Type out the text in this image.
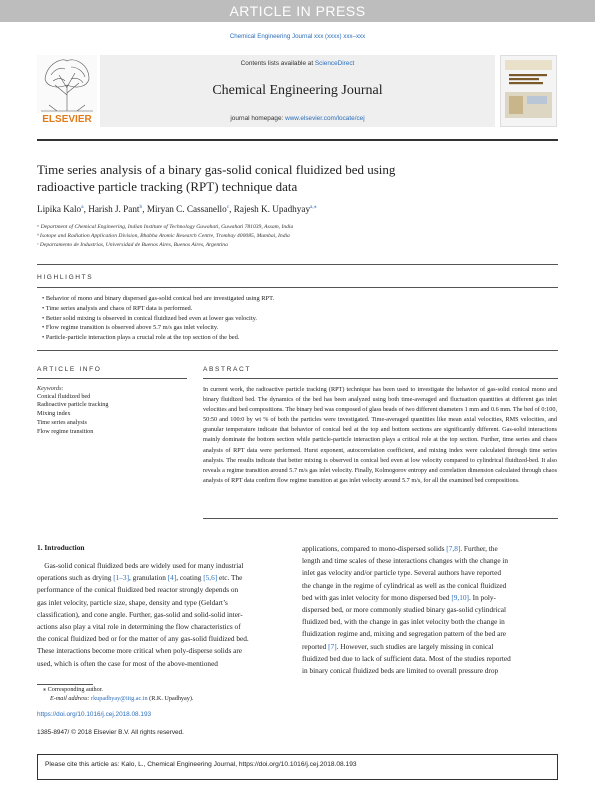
ARTICLE IN PRESS
Chemical Engineering Journal xxx (xxxx) xxx–xxx
ELSEVIER
Contents lists available at ScienceDirect
Chemical Engineering Journal
journal homepage: www.elsevier.com/locate/cej
Time series analysis of a binary gas-solid conical fluidized bed using
radioactive particle tracking (RPT) technique data
Lipika Kalo$^a$, Harish J. Pant$^b$, Miryan C. Cassanello$^c$, Rajesh K. Upadhyay$^{a,⁎}$
ᵃ Department of Chemical Engineering, Indian Institute of Technology Guwahati, Guwahati 781039, Assam, India
ᵇ Isotope and Radiation Application Division, Bhabha Atomic Research Centre, Trombay 400085, Mumbai, India
ᶜ Departamento de Industrias, Universidad de Buenos Aires, Buenos Aires, Argentina
HIGHLIGHTS
• Behavior of mono and binary dispersed gas-solid conical bed are investigated using RPT.
• Time series analysis and chaos of RPT data is performed.
• Better solid mixing is observed in conical fluidized bed even at lower gas velocity.
• Flow regime transition is observed above 5.7 m/s gas inlet velocity.
• Particle-particle interaction plays a crucial role at the top section of the bed.
ARTICLE INFO	ABSTRACT
Keywords:
Conical fluidized bed
Radioactive particle tracking
Mixing index
Time series analysis
Flow regime transition
In current work, the radioactive particle tracking (RPT) technique has been used to investigate the behavior of gas-solid conical mono and binary fluidized bed. The dynamics of the bed has been analyzed using both time-averaged and fluctuation quantities at different gas inlet velocities and bed compositions. The binary bed was composed of glass beads of two different diameters 1 mm and 0.6 mm. The bed of 0:100, 50:50 and 100:0 by wt % of both the particles were investigated. Time-averaged quantities like mean axial velocities, RMS velocities, and granular temperature indicate that behavior of conical bed at the top and bottom sections are significantly different. Gas-solid interactions mainly dominate the bottom section while particle-particle interaction plays a critical role at the top section. Further, time series and chaos analysis of RPT data were performed. Hurst exponent, autocorrelation coefficient, and mixing index were calculated through time series analysis. The results indicate that better mixing is observed in conical bed even at low velocity compared to cylindrical fluidized-bed. It also reveals a regime transition around 5.7 m/s gas inlet velocity. Finally, Kolmogorov entropy and correlation dimension calculated through chaos analysis of RPT data confirm flow regime transition at gas inlet velocity around 5.7 m/s, for all the examined bed compositions.
1. Introduction
Gas-solid conical fluidized beds are widely used for many industrial
operations such as drying [1–3], granulation [4], coating [5,6] etc. The
performance of the conical fluidized bed reactor strongly depends on
gas inlet velocity, particle size, shape, density and type (Geldart’s
classification), and cone angle. Further, gas-solid and solid-solid inter-
actions also play a vital role in determining the flow characteristics of
the conical fluidized bed or for the matter of any gas-solid fluidized bed.
These interactions become more critical when poly-disperse solids are
used, which is often the case for most of the above-mentioned
applications, compared to mono-dispersed solids [7,8]. Further, the
length and time scales of these interactions changes with the change in
inlet gas velocity and/or particle type. Several authors have reported
the change in the regime of cylindrical as well as the conical fluidized
bed with gas inlet velocity for mono dispersed bed [9,10]. In poly-
dispersed bed, or more commonly studied binary gas-solid cylindrical
fluidized bed, with the change in gas inlet velocity both the change in
fluidization regime and, mixing and segregation pattern of the bed are
reported [7]. However, such studies are largely missing in conical
fluidized bed due to lack of sufficient data. Most of the studies reported
in binary conical fluidized beds are limited to overall pressure drop
⁎ Corresponding author.
E-mail address: rkupadhyay@iitg.ac.in (R.K. Upadhyay).
https://doi.org/10.1016/j.cej.2018.08.193
1385-8947/ © 2018 Elsevier B.V. All rights reserved.
Please cite this article as: Kalo, L., Chemical Engineering Journal, https://doi.org/10.1016/j.cej.2018.08.193
